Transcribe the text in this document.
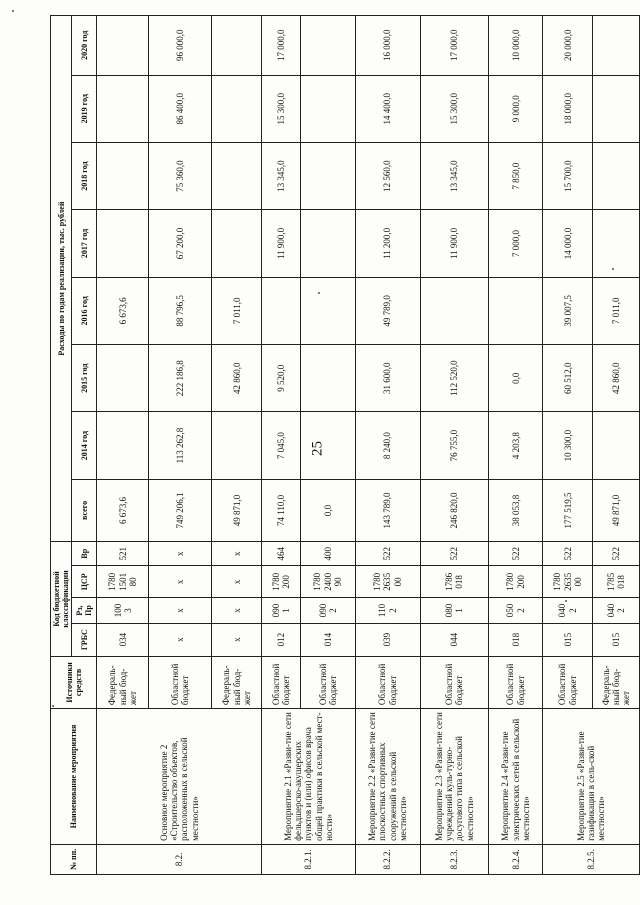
25
№ пп.	Наименование мероприятия	Источники средств	Код бюджетной классификации				Расходы по годам реализации, тыс. рублей							
			ГРБС	Рз, Пр	ЦСР	Вр	всего	2014 год	2015 год	2016 год	2017 год	2018 год	2019 год	2020 год
8.2.	Основное мероприятие 2 «Строительство объектов, расположенных в сельской местности»	Федераль-ный бюд-жет	034	100 3	1780 1501 80	521	6 673,6			6 673,6				
		Областной бюджет	x	x	x	x	749 206,1	113 262,8	222 186,8	88 796,5	67 200,0	75 360,0	86 400,0	96 000,0
		Федераль-ный бюд-жет	x	x	x	x	49 871,0		42 860,0	7 011,0				
8.2.1.	Мероприятие 2.1 «Разви-тие сети фельдшерско-акушерских пунктов и (или) офисов врача общей практики в сельской мест-ности»	Областной бюджет	012	090 1	1780 200	464	74 110,0	7 045,0	9 520,0		11 900,0	13 345,0	15 300,0	17 000,0
		Областной бюджет	014	090 2	1780 2400 90	400	0,0							
8.2.2.	Мероприятие 2.2 «Разви-тие сети плоскостных спортивных сооружений в сельской местности»	Областной бюджет	039	110 2	1780 2635 00	522	143 789,0	8 240,0	31 600,0	49 789,0	11 200,0	12 560,0	14 400,0	16 000,0
8.2.3.	Мероприятие 2.3 «Разви-тие сети учреждений куль-турно-досугового типа в сельской местности»	Областной бюджет	044	080 1	1786 018	522	246 820,0	76 755,0	112 520,0		11 900,0	13 345,0	15 300,0	17 000,0
8.2.4.	Мероприятие 2.4 «Разви-тие электрических сетей в сельской местности»	Областной бюджет	018	050 2	1780 200	522	38 053,8	4 203,8	0,0		7 000,0	7 850,0	9 000,0	10 000,0
8.2.5.	Мероприятие 2.5 «Разви-тие газификации в сель-ской местности»	Областной бюджет	015	040 2	1780 2635 00	522	177 519,5	10 300,0	60 512,0	39 007,5	14 000,0	15 700,0	18 000,0	20 000,0
		Федераль-ный бюд-жет	015	040 2	1785 018	522	49 871,0		42 860,0	7 011,0				
